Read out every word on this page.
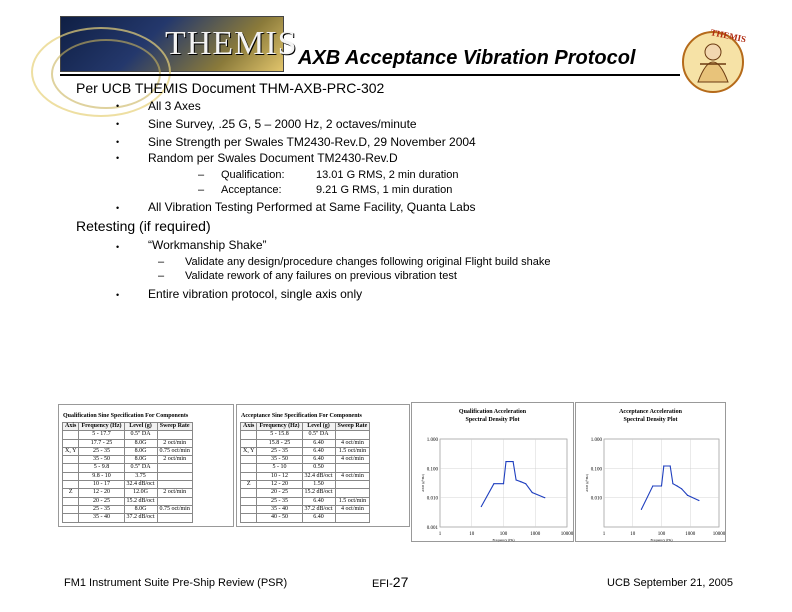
THEMIS AXB Acceptance Vibration Protocol
THEMIS
Per UCB THEMIS Document THM-AXB-PRC-302
• All 3 Axes
• Sine Survey, .25 G, 5 – 2000 Hz, 2 octaves/minute
• Sine Strength per Swales TM2430-Rev.D, 29 November 2004
• Random per Swales Document TM2430-Rev.D
– Qualification:	13.01 G RMS, 2 min duration
– Acceptance:	9.21 G RMS, 1 min duration
• All Vibration Testing Performed at Same Facility, Quanta Labs
Retesting (if required)
• “Workmanship Shake”
– Validate any design/procedure changes following original Flight build shake
– Validate rework of any failures on previous vibration test
• Entire vibration protocol, single axis only
Qualification Sine Specification For Components
Axis	Frequency (Hz)	Level (g)	Sweep Rate
	5 - 17.7	0.5" DA	
	17.7 - 25	8.0G	2 oct/min
X, Y	25 - 35	8.0G	0.75 oct/min
	35 - 50	8.0G	2 oct/min
	5 - 9.8	0.5" DA	
	9.8 - 10	3.75	
	10 - 17	32.4 dB/oct	
Z	12 - 20	12.0G	2 oct/min
	20 - 25	15.2 dB/oct	
	25 - 35	8.0G	0.75 oct/min
	35 - 40	37.2 dB/oct	
Acceptance Sine Specification For Components
Axis	Frequency (Hz)	Level (g)	Sweep Rate
	5 - 15.8	0.5" DA	
	15.8 - 25	6.40	4 oct/min
X, Y	25 - 35	6.40	1.5 oct/min
	35 - 50	6.40	4 oct/min
	5 - 10	0.50	
	10 - 12	32.4 dB/oct	4 oct/min
Z	12 - 20	1.50	
	20 - 25	15.2 dB/oct	
	25 - 35	6.40	1.5 oct/min
	35 - 40	37.2 dB/oct	4 oct/min
	40 - 50	6.40	
Qualification Acceleration
Spectral Density Plot
1	10	100	1000	10000
1.000
0.100
0.010
0.001
Frequency (Hz)
ASD (g²/Hz)
Acceptance Acceleration
Spectral Density Plot
1	10	100	1000	10000
1.000
0.100
0.010
Frequency (Hz)
ASD (g²/Hz)
FM1 Instrument Suite Pre-Ship Review (PSR)	EFI-27	UCB September 21, 2005
